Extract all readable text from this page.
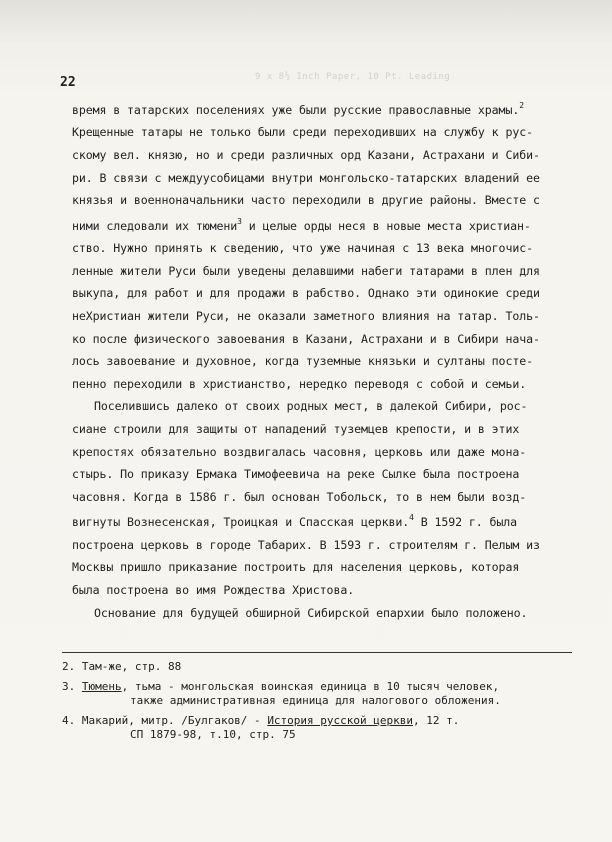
9 x 8½ Inch Paper, 10 Pt. Leading
22
время в татарских поселениях уже были русские православные храмы.$^2$
Крещенные татары не только были среди переходивших на службу к рус-
скому вел. князю, но и среди различных орд Казани, Астрахани и Сиби-
ри. В связи с междуусобицами внутри монгольско-татарских владений ее
князья и военноначальники часто переходили в другие районы. Вместе с
ними следовали их тюмени$^3$ и целые орды неся в новые места христиан-
ство. Нужно принять к сведению, что уже начиная с 13 века многочис-
ленные жители Руси были уведены делавшими набеги татарами в плен для
выкупа, для работ и для продажи в рабство. Однако эти одинокие среди
неХристиан жители Руси, не оказали заметного влияния на татар. Толь-
ко после физического завоевания в Казани, Астрахани и в Сибири нача-
лось завоевание и духовное, когда туземные князьки и султаны посте-
пенно переходили в христианство, нередко переводя с собой и семьи.
Поселившись далеко от своих родных мест, в далекой Сибири, рос-
сиане строили для защиты от нападений туземцев крепости, и в этих
крепостях обязательно воздвигалась часовня, церковь или даже мона-
стырь. По приказу Ермака Тимофеевича на реке Сылке была построена
часовня. Когда в 1586 г. был основан Тобольск, то в нем были возд-
вигнуты Вознесенская, Троицкая и Спасская церкви.$^4$ В 1592 г. была
построена церковь в городе Табарих. В 1593 г. строителям г. Пелым из
Москвы пришло приказание построить для населения церковь, которая
была построена во имя Рождества Христова.
Основание для будущей обширной Сибирской епархии было положено.
2. Там-же, стр. 88
3. Тюмень, тьма - монгольская воинская единица в 10 тысяч человек,
также административная единица для налогового обложения.
4. Макарий, митр. /Булгаков/ - История русской церкви, 12 т.
СП 1879-98, т.10, стр. 75
